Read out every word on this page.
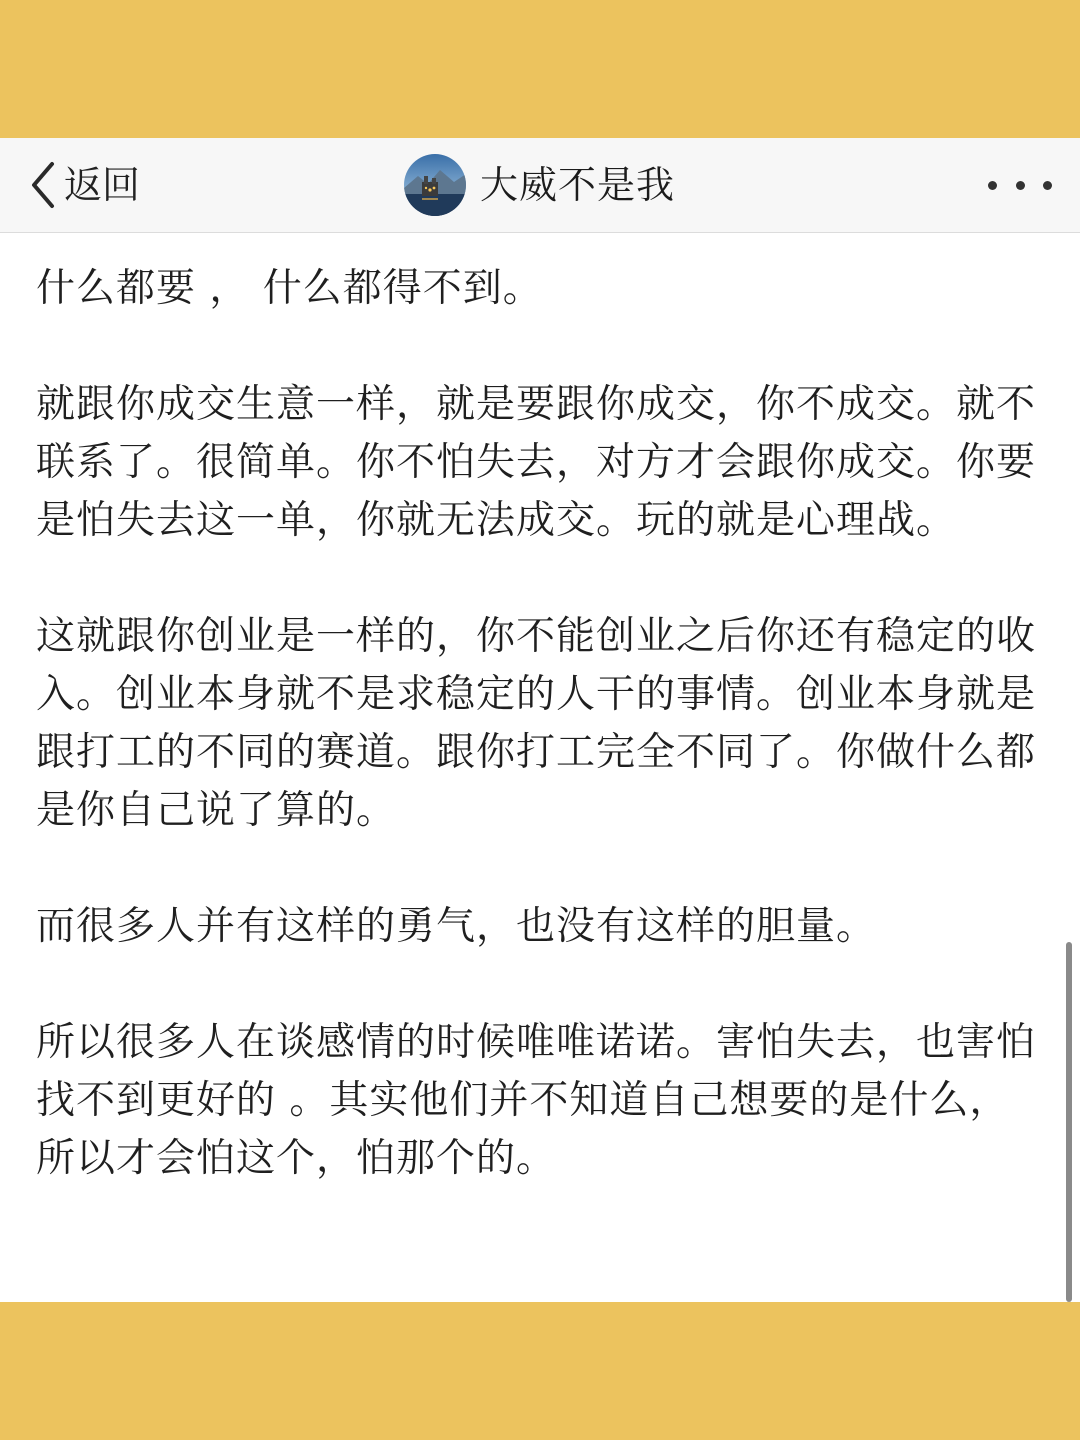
返回	大威不是我

什么都要 ， 什么都得不到。

就跟你成交生意一样，就是要跟你成交，你不成交。就不联系了。很简单。你不怕失去，对方才会跟你成交。你要是怕失去这一单，你就无法成交。玩的就是心理战。

这就跟你创业是一样的，你不能创业之后你还有稳定的收入。创业本身就不是求稳定的人干的事情。创业本身就是跟打工的不同的赛道。跟你打工完全不同了。你做什么都是你自己说了算的。

而很多人并有这样的勇气，也没有这样的胆量。

所以很多人在谈感情的时候唯唯诺诺。害怕失去，也害怕找不到更好的 。其实他们并不知道自己想要的是什么，所以才会怕这个，怕那个的。
